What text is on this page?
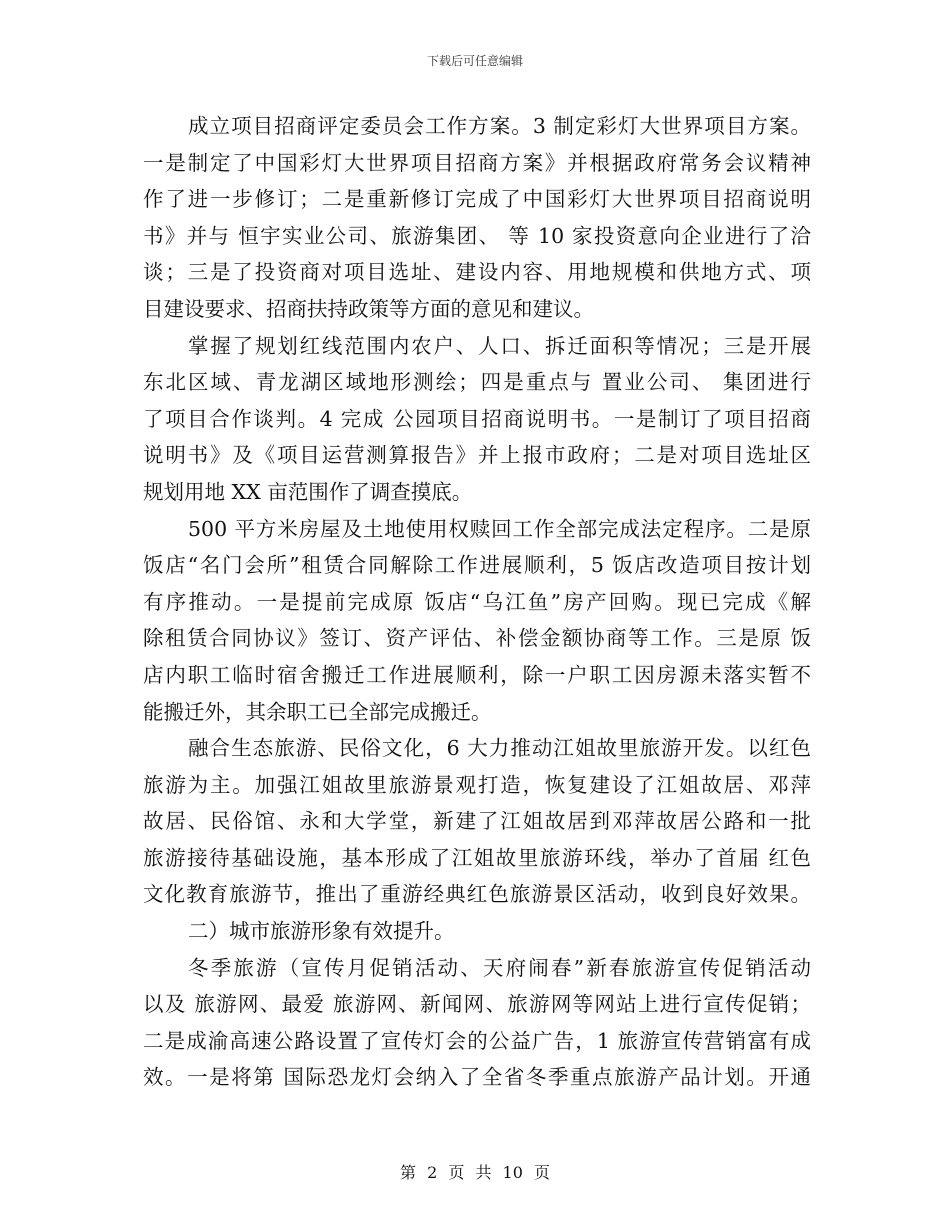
下载后可任意编辑
成立项目招商评定委员会工作方案。3 制定彩灯大世界项目方案。
一是制定了中国彩灯大世界项目招商方案》并根据政府常务会议精神
作了进一步修订；二是重新修订完成了中国彩灯大世界项目招商说明
书》并与 恒宇实业公司、旅游集团、 等 10 家投资意向企业进行了洽
谈；三是了投资商对项目选址、建设内容、用地规模和供地方式、项
目建设要求、招商扶持政策等方面的意见和建议。
掌握了规划红线范围内农户、人口、拆迁面积等情况；三是开展
东北区域、青龙湖区域地形测绘；四是重点与 置业公司、 集团进行
了项目合作谈判。4 完成 公园项目招商说明书。一是制订了项目招商
说明书》及《项目运营测算报告》并上报市政府；二是对项目选址区
规划用地 XX 亩范围作了调查摸底。
500 平方米房屋及土地使用权赎回工作全部完成法定程序。二是原
饭店“名门会所”租赁合同解除工作进展顺利，5 饭店改造项目按计划
有序推动。一是提前完成原 饭店“乌江鱼”房产回购。现已完成《解
除租赁合同协议》签订、资产评估、补偿金额协商等工作。三是原 饭
店内职工临时宿舍搬迁工作进展顺利，除一户职工因房源未落实暂不
能搬迁外，其余职工已全部完成搬迁。
融合生态旅游、民俗文化，6 大力推动江姐故里旅游开发。以红色
旅游为主。加强江姐故里旅游景观打造，恢复建设了江姐故居、邓萍
故居、民俗馆、永和大学堂，新建了江姐故居到邓萍故居公路和一批
旅游接待基础设施，基本形成了江姐故里旅游环线，举办了首届 红色
文化教育旅游节，推出了重游经典红色旅游景区活动，收到良好效果。
二）城市旅游形象有效提升。
冬季旅游（宣传月促销活动、天府闹春”新春旅游宣传促销活动
以及 旅游网、最爱 旅游网、新闻网、旅游网等网站上进行宣传促销；
二是成渝高速公路设置了宣传灯会的公益广告，1 旅游宣传营销富有成
效。一是将第 国际恐龙灯会纳入了全省冬季重点旅游产品计划。开通
第 2 页 共 10 页
